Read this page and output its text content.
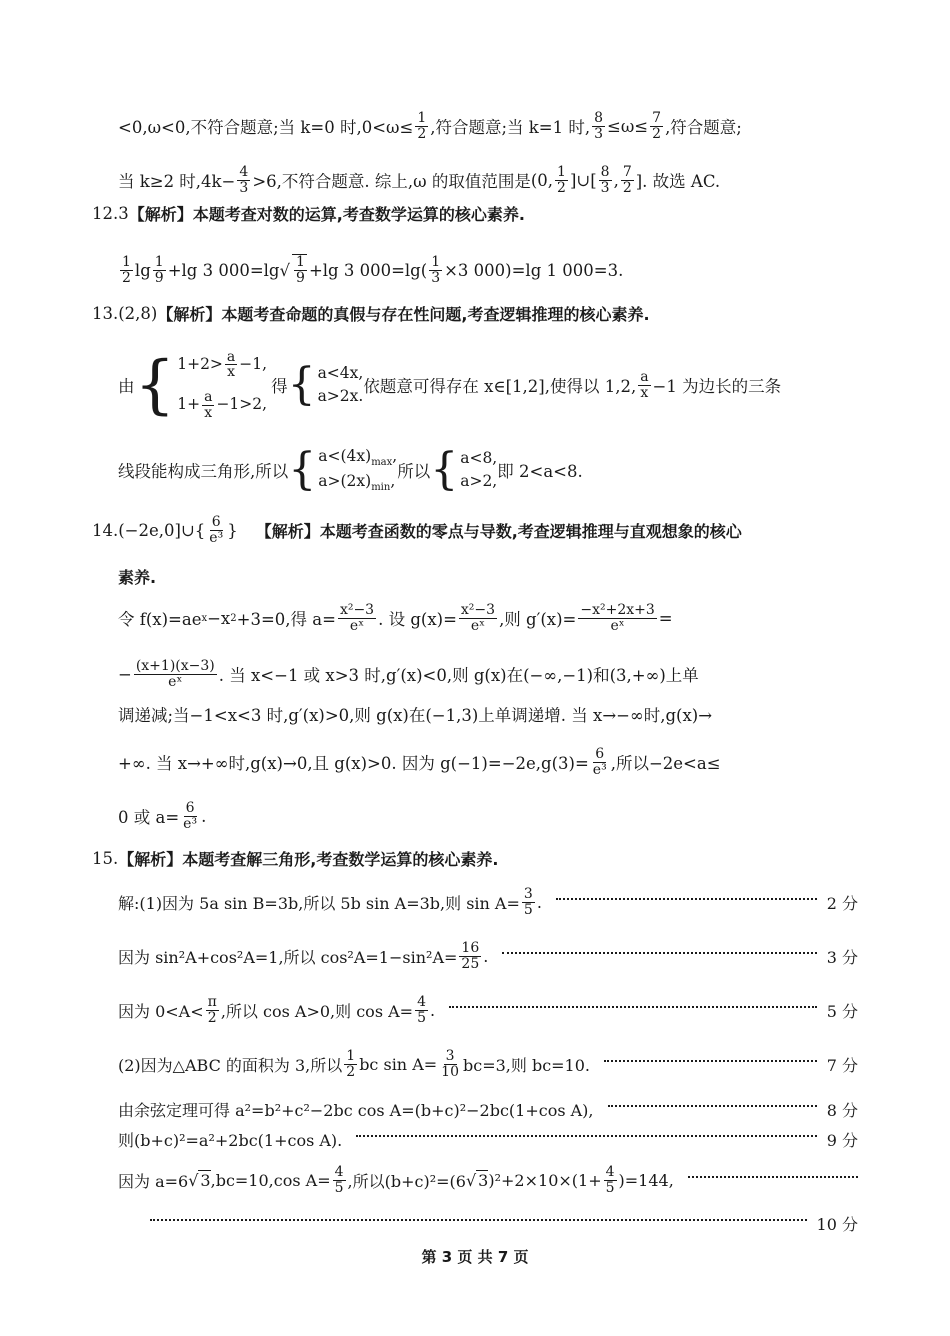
<0,ω<0,不符合题意;当 k=0 时$,0<\omega\le \frac{1}{2}$ ,符合题意;当 k=1 时, $\frac{8}{3} \le\omega\le \frac{7}{2}$ ,符合题意;
当 k≥2 时$,4k- \frac{4}{3} >6$,不符合题意. 综上,ω 的取值范围是 (0, $\frac{1}{2}$ ]∪[ $\frac{8}{3}$ , $\frac{7}{2}$ ]. 故选 AC.
12.3 【解析】本题考查对数的运算,考查数学运算的核心素养.
$\frac{1}{2}$ $\lg \frac{1}{9} +\lg$ 3 000=lg √ $\frac{1}{9} +\lg$ 3 $000=\lg( \frac{1}{3} \times 3$ 000)=lg 1 000=3.
13.(2,8) 【解析】本题考查命题的真假与存在性问题,考查逻辑推理的核心素养.
由 { $1+2> \frac{a}{x} -1$,
$1+ \frac{a}{x} -1>2$,
得 { a<4x,
a>2x. 依题意可得存在 x∈[1,2],使得以 1,2, $\frac{a}{x} -1$ 为边长的三条
线段能构成三角形,所以 { $a<(4x)_{max}$,
$a>(2x)_{min}$, 所以 { a<8,
a>2, 即 2<a<8.
14.(−2e,0]∪{ $\frac{6}{\text{e³}}$ } 【解析】本题考查函数的零点与导数,考查逻辑推理与直观想象的核心
素养.
令 f(x)=ae x −x 2 +3=0,得 $a= \frac{\text{x²−3}}{\text{eˣ}}$ . 设 $g(x)= \frac{\text{x²−3}}{\text{eˣ}}$ ,则 $g'(x)= \frac{\text{−x²+2x+3}}{\text{eˣ}}$ =
− $\frac{(x+1)(x-3)}{\text{eˣ}}$ . 当 x<−1 或 x>3 时,g′(x)<0,则 g(x)在(−∞,−1)和(3,+∞)上单
调递减;当−1<x<3 时,g′(x)>0,则 g(x)在(−1,3)上单调递增. 当 x→−∞时,g(x)→
+∞. 当 x→+∞时,g(x)→0,且 g(x)>0. 因为 $g(-1)=-2e,g(3)= \frac{6}{\text{e³}}$ ,所以−2e<a≤
0 或 $a= \frac{6}{\text{e³}}$ .
15. 【解析】本题考查解三角形,考查数学运算的核心素养.
解:(1)因为 5a sin B=3b,所以 5b sin A=3b,则 $\sin A= \frac{3}{5}$ .	2 分
因为 sin²A+cos²A=1,所以 $\cos^2A=1-\sin^2A= \frac{16}{25}$ .	3 分
因为 $0<A< \frac{\pi}{2}$ ,所以 cos A>0,则 $\cos A= \frac{4}{5}$ .	5 分
(2)因为△ABC 的面积为 3,所以 $\frac{1}{2}$ bc $\sin A= \frac{3}{10} bc=3$,则 bc=10.	7 分
由余弦定理可得 a²=b²+c²−2bc cos A=(b+c)²−2bc(1+cos A),	8 分
则(b+c)²=a²+2bc(1+cos A).	9 分
因为 a=6 √ 3 ,bc=10,cos $A= \frac{4}{5}$ ,所以(b+c)²=(6 √ 3 )$^2+2\times 10\times(1+ \frac{4}{5} )=144$,
10 分
第 3 页 共 7 页
